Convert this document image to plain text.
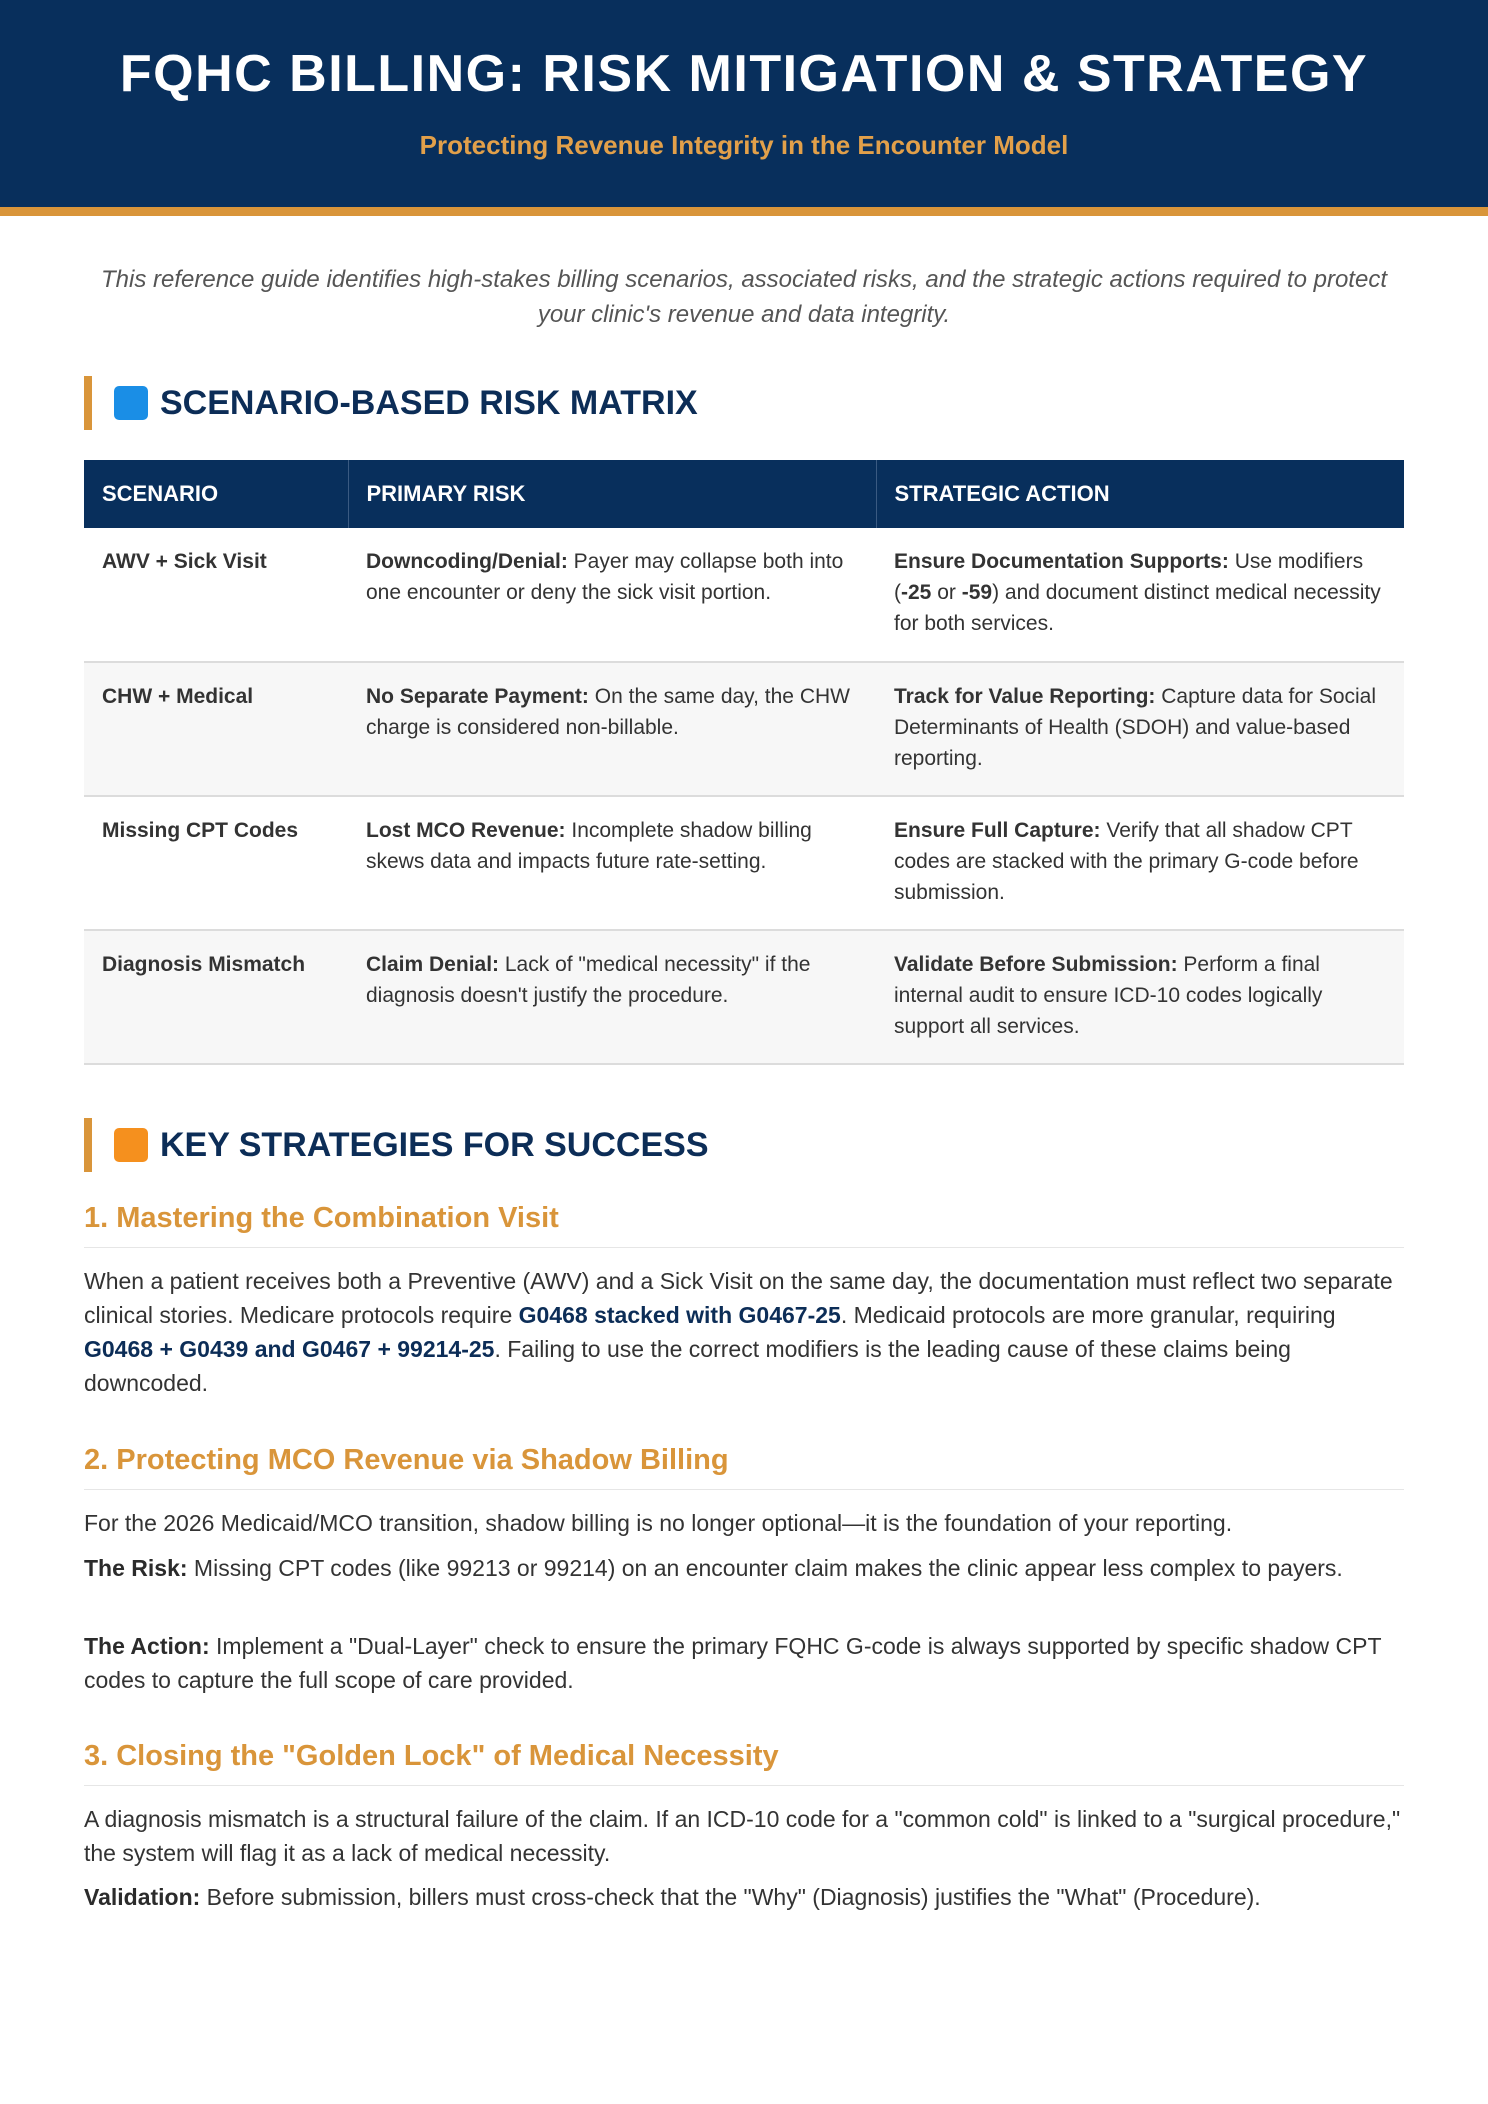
FQHC BILLING: RISK MITIGATION & STRATEGY
Protecting Revenue Integrity in the Encounter Model
This reference guide identifies high-stakes billing scenarios, associated risks, and the strategic actions required to protect your clinic's revenue and data integrity.
SCENARIO-BASED RISK MATRIX
SCENARIO	PRIMARY RISK	STRATEGIC ACTION
AWV + Sick Visit	Downcoding/Denial: Payer may collapse both into one encounter or deny the sick visit portion.	Ensure Documentation Supports: Use modifiers (-25 or -59) and document distinct medical necessity for both services.
CHW + Medical	No Separate Payment: On the same day, the CHW charge is considered non-billable.	Track for Value Reporting: Capture data for Social Determinants of Health (SDOH) and value-based reporting.
Missing CPT Codes	Lost MCO Revenue: Incomplete shadow billing skews data and impacts future rate-setting.	Ensure Full Capture: Verify that all shadow CPT codes are stacked with the primary G-code before submission.
Diagnosis Mismatch	Claim Denial: Lack of "medical necessity" if the diagnosis doesn't justify the procedure.	Validate Before Submission: Perform a final internal audit to ensure ICD-10 codes logically support all services.
KEY STRATEGIES FOR SUCCESS
1. Mastering the Combination Visit
When a patient receives both a Preventive (AWV) and a Sick Visit on the same day, the documentation must reflect two separate clinical stories. Medicare protocols require G0468 stacked with G0467-25. Medicaid protocols are more granular, requiring G0468 + G0439 and G0467 + 99214-25. Failing to use the correct modifiers is the leading cause of these claims being downcoded.
2. Protecting MCO Revenue via Shadow Billing
For the 2026 Medicaid/MCO transition, shadow billing is no longer optional—it is the foundation of your reporting.
The Risk: Missing CPT codes (like 99213 or 99214) on an encounter claim makes the clinic appear less complex to payers.
The Action: Implement a "Dual-Layer" check to ensure the primary FQHC G-code is always supported by specific shadow CPT codes to capture the full scope of care provided.
3. Closing the "Golden Lock" of Medical Necessity
A diagnosis mismatch is a structural failure of the claim. If an ICD-10 code for a "common cold" is linked to a "surgical procedure," the system will flag it as a lack of medical necessity.
Validation: Before submission, billers must cross-check that the "Why" (Diagnosis) justifies the "What" (Procedure).
